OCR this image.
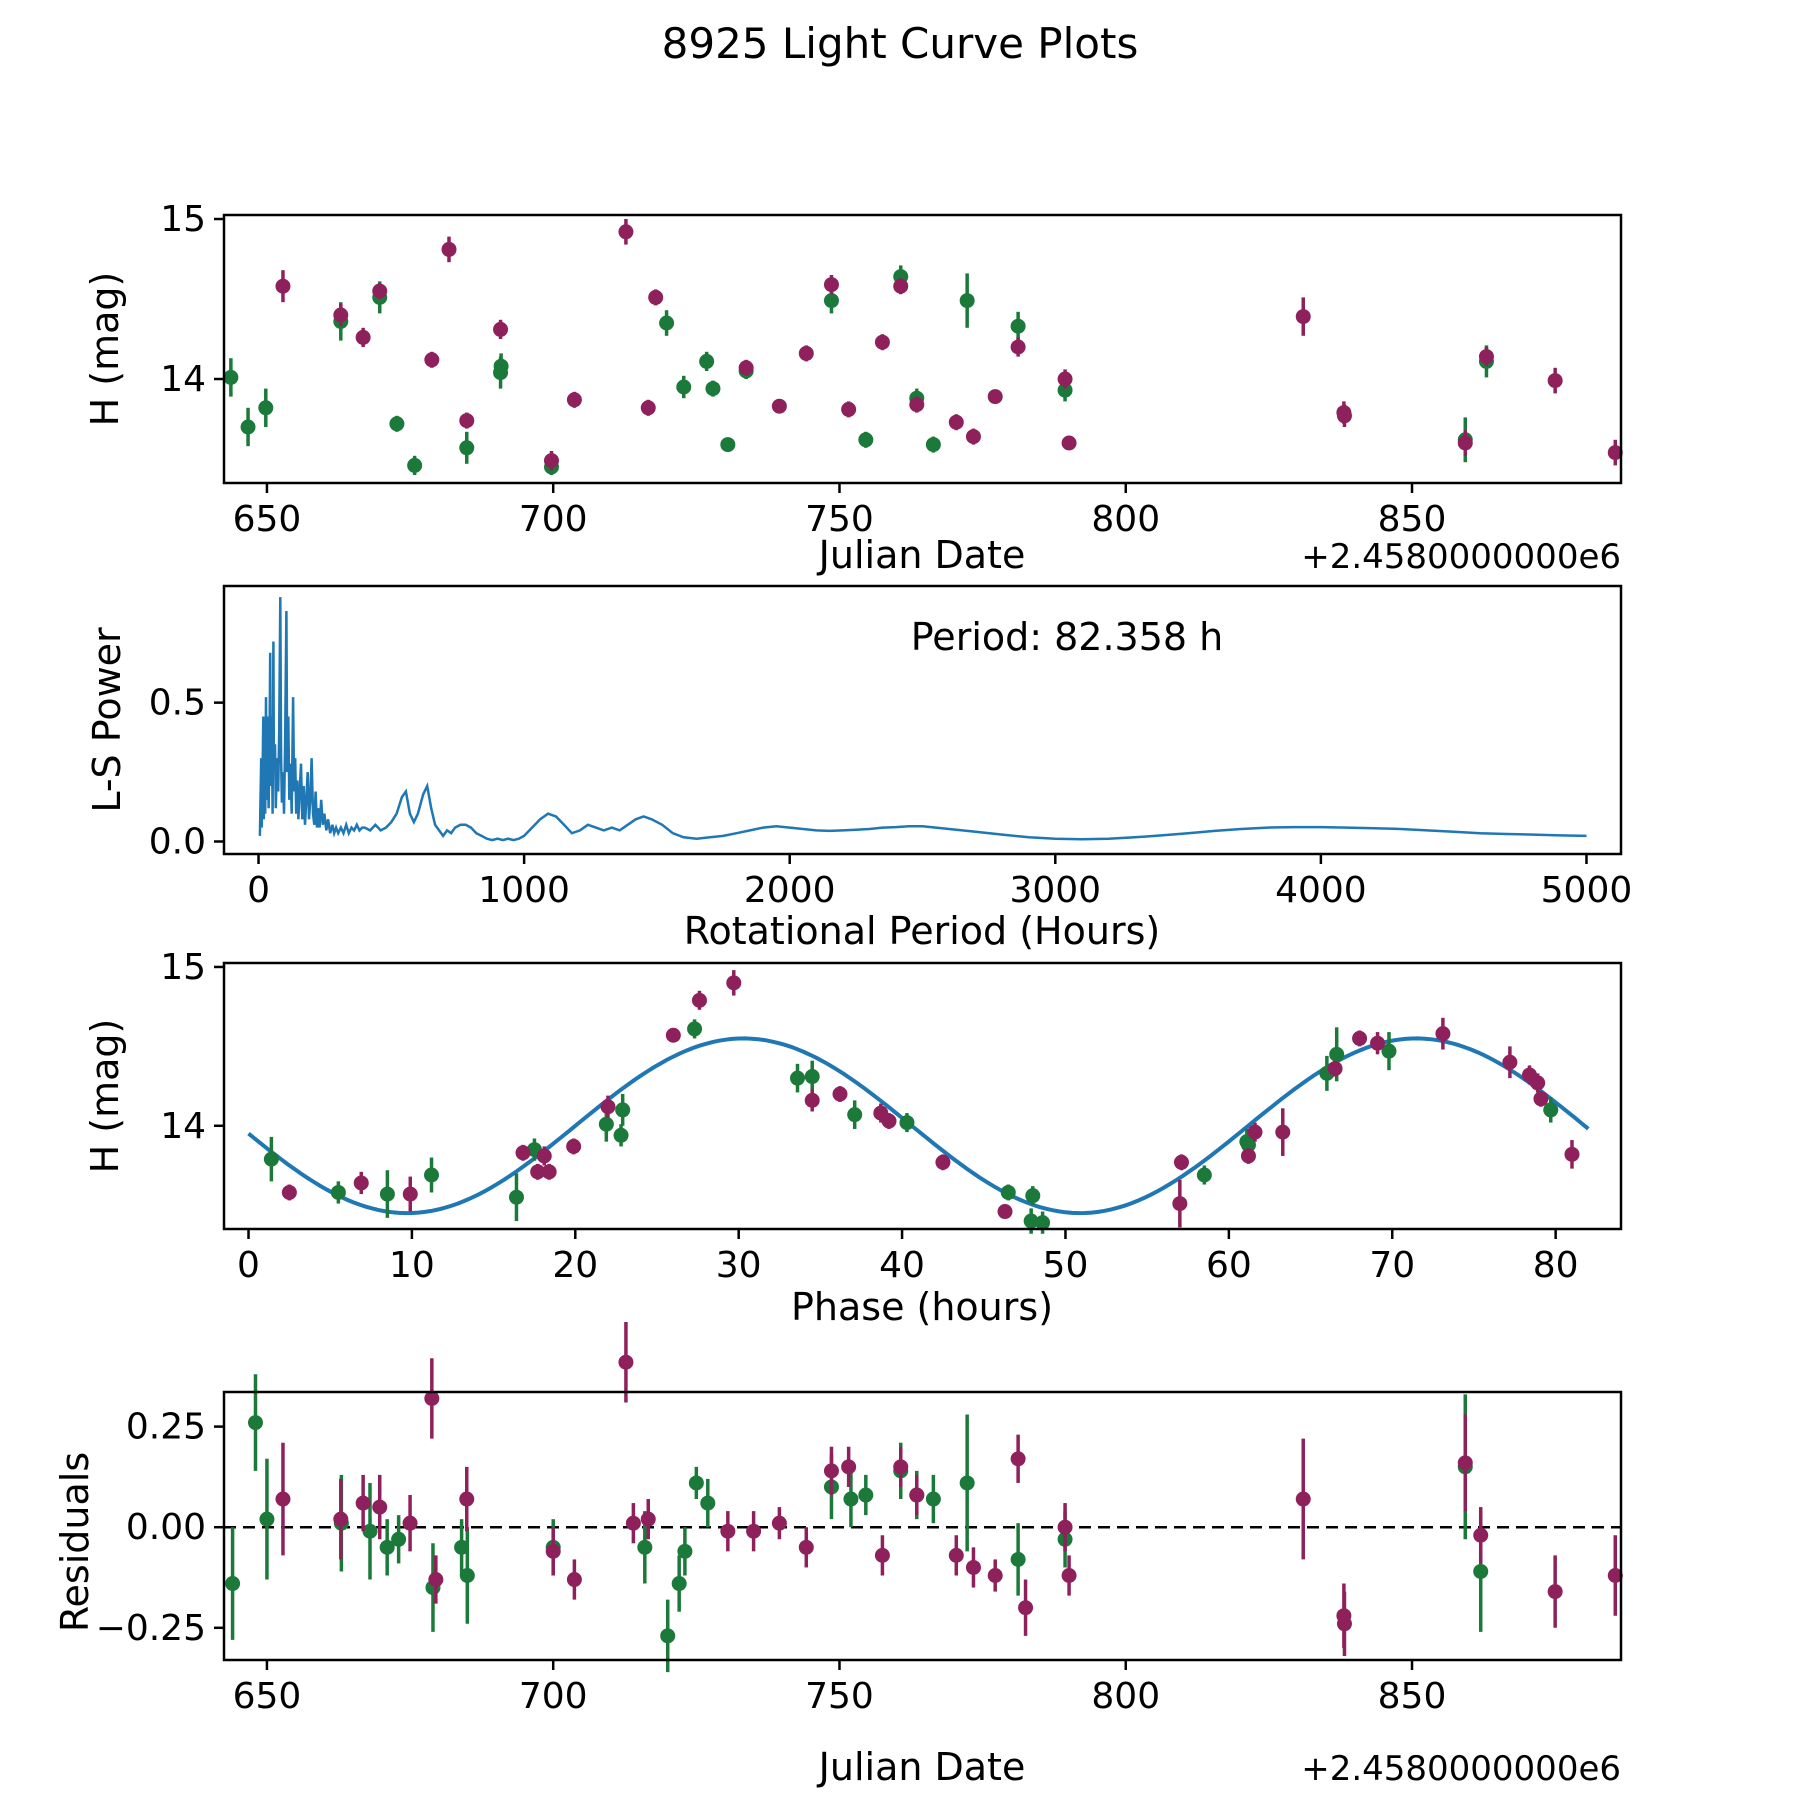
8925 Light Curve Plots
H (mag)
Julian Date	+2.4580000000e6
650	700	750	800	850
14
15
L-S Power
Rotational Period (Hours)
Period: 82.358 h
0	1000	2000	3000	4000	5000
0.0
0.5
H (mag)
Phase (hours)
0	10	20	30	40	50	60	70	80
14
15
Residuals
Julian Date	+2.4580000000e6
650	700	750	800	850
−0.25
0.00
0.25
